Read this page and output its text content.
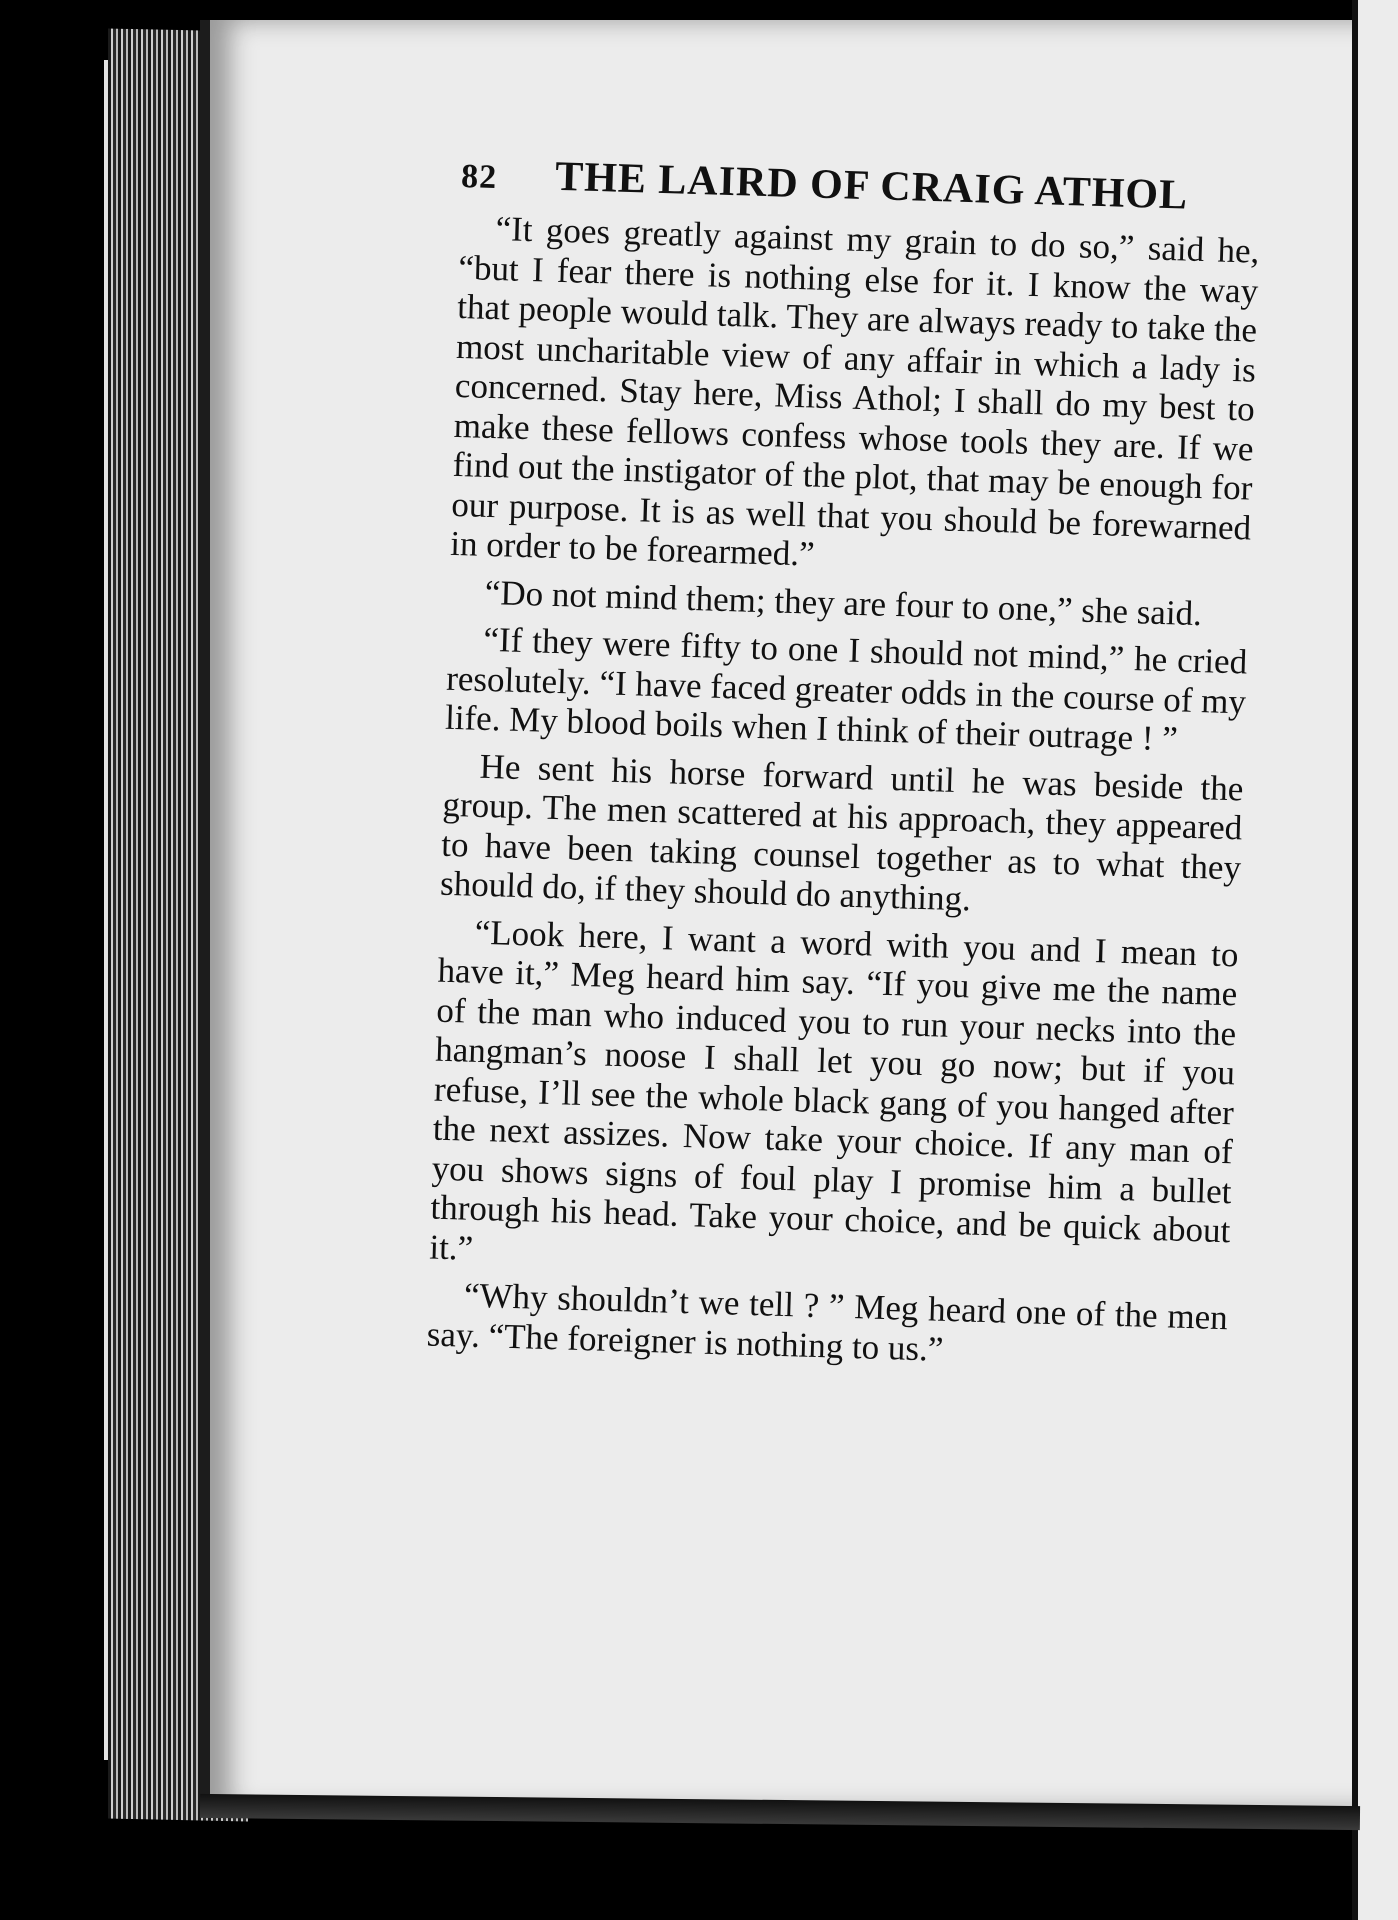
82 THE LAIRD OF CRAIG ATHOL

“It goes greatly against my grain to do so,” said he, “but I fear there is nothing else for it. I know the way that people would talk. They are always ready to take the most uncharitable view of any affair in which a lady is concerned. Stay here, Miss Athol; I shall do my best to make these fellows confess whose tools they are. If we find out the instigator of the plot, that may be enough for our purpose. It is as well that you should be forewarned in order to be forearmed.”

“Do not mind them; they are four to one,” she said.

“If they were fifty to one I should not mind,” he cried resolutely. “I have faced greater odds in the course of my life. My blood boils when I think of their outrage ! ”

He sent his horse forward until he was beside the group. The men scattered at his approach, they appeared to have been taking counsel together as to what they should do, if they should do anything.

“Look here, I want a word with you and I mean to have it,” Meg heard him say. “If you give me the name of the man who induced you to run your necks into the hangman’s noose I shall let you go now; but if you refuse, I’ll see the whole black gang of you hanged after the next assizes. Now take your choice. If any man of you shows signs of foul play I promise him a bullet through his head. Take your choice, and be quick about it.”

“Why shouldn’t we tell ? ” Meg heard one of the men say. “The foreigner is nothing to us.”
